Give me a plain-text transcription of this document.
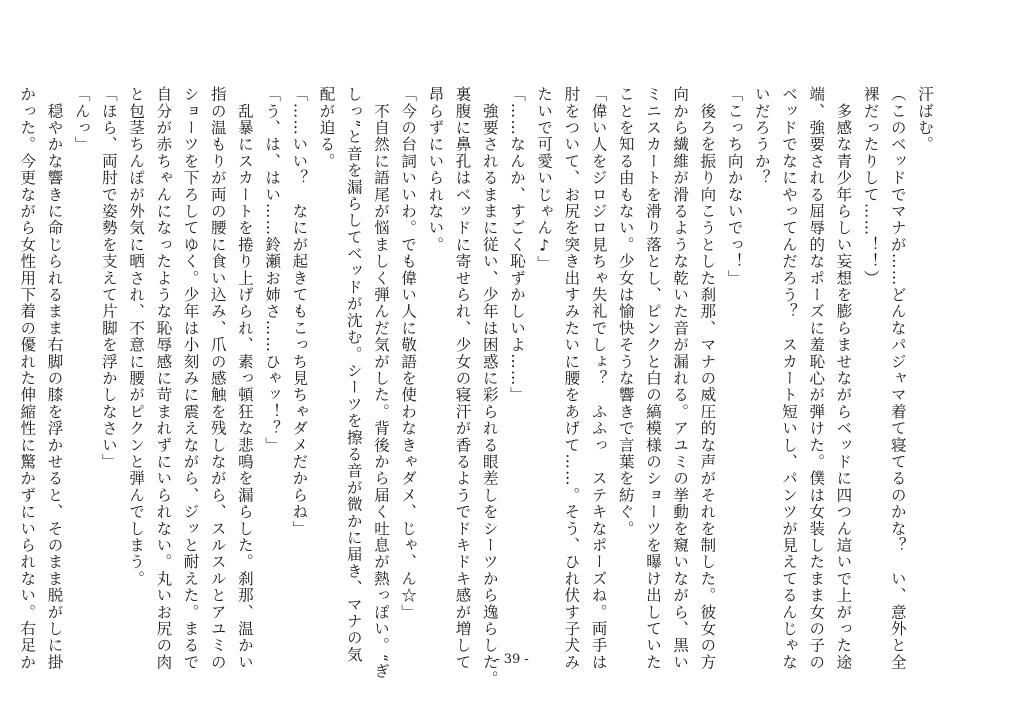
汗ばむ。
（このベッドでマナが……どんなパジャマ着て寝てるのかな？　い、意外と全
裸だったりして……！！）
　多感な青少年らしい妄想を膨らませながらベッドに四つん這いで上がった途
端、強要される屈辱的なポーズに羞恥心が弾けた。僕は女装したまま女の子の
ベッドでなにやってんだろう？　スカート短いし、パンツが見えてるんじゃな
いだろうか？
「こっち向かないでっ！」
　後ろを振り向こうとした刹那、マナの威圧的な声がそれを制した。彼女の方
向から繊維が滑るような乾いた音が漏れる。アユミの挙動を窺いながら、黒い
ミニスカートを滑り落とし、ピンクと白の縞模様のショーツを曝け出していた
ことを知る由もない。少女は愉快そうな響きで言葉を紡ぐ。
「偉い人をジロジロ見ちゃ失礼でしょ？　ふふっ　ステキなポーズね。両手は
肘をついて、お尻を突き出すみたいに腰をあげて……。そう、ひれ伏す子犬み
たいで可愛いじゃん♪」
「……なんか、すごく恥ずかしいよ……」
　強要されるままに従い、少年は困惑に彩られる眼差しをシーツから逸らした。
裏腹に鼻孔はベッドに寄せられ、少女の寝汗が香るようでドキドキ感が増して
昂らずにいられない。
「今の台詞いいわ。でも偉い人に敬語を使わなきゃダメ、じゃ、ん☆」
　不自然に語尾が悩ましく弾んだ気がした。背後から届く吐息が熱っぽい。“ぎ
しっ”と音を漏らしてベッドが沈む。シーツを擦る音が微かに届き、マナの気
配が迫る。
「……いい？　なにが起きてもこっち見ちゃダメだからね」
「う、は、はい……鈴瀬お姉さ……ひゃッ！？」
　乱暴にスカートを捲り上げられ、素っ頓狂な悲鳴を漏らした。刹那、温かい
指の温もりが両の腰に食い込み、爪の感触を残しながら、スルスルとアユミの
ショーツを下ろしてゆく。少年は小刻みに震えながら、ジッと耐えた。まるで
自分が赤ちゃんになったような恥辱感に苛まれずにいられない。丸いお尻の肉
と包茎ちんぽが外気に晒され、不意に腰がピクンと弾んでしまう。
「ほら、両肘で姿勢を支えて片脚を浮かしなさい」
「んっ」
　穏やかな響きに命じられるまま右脚の膝を浮かせると、そのまま脱がしに掛
かった。今更ながら女性用下着の優れた伸縮性に驚かずにいられない。右足か	- 39 -
